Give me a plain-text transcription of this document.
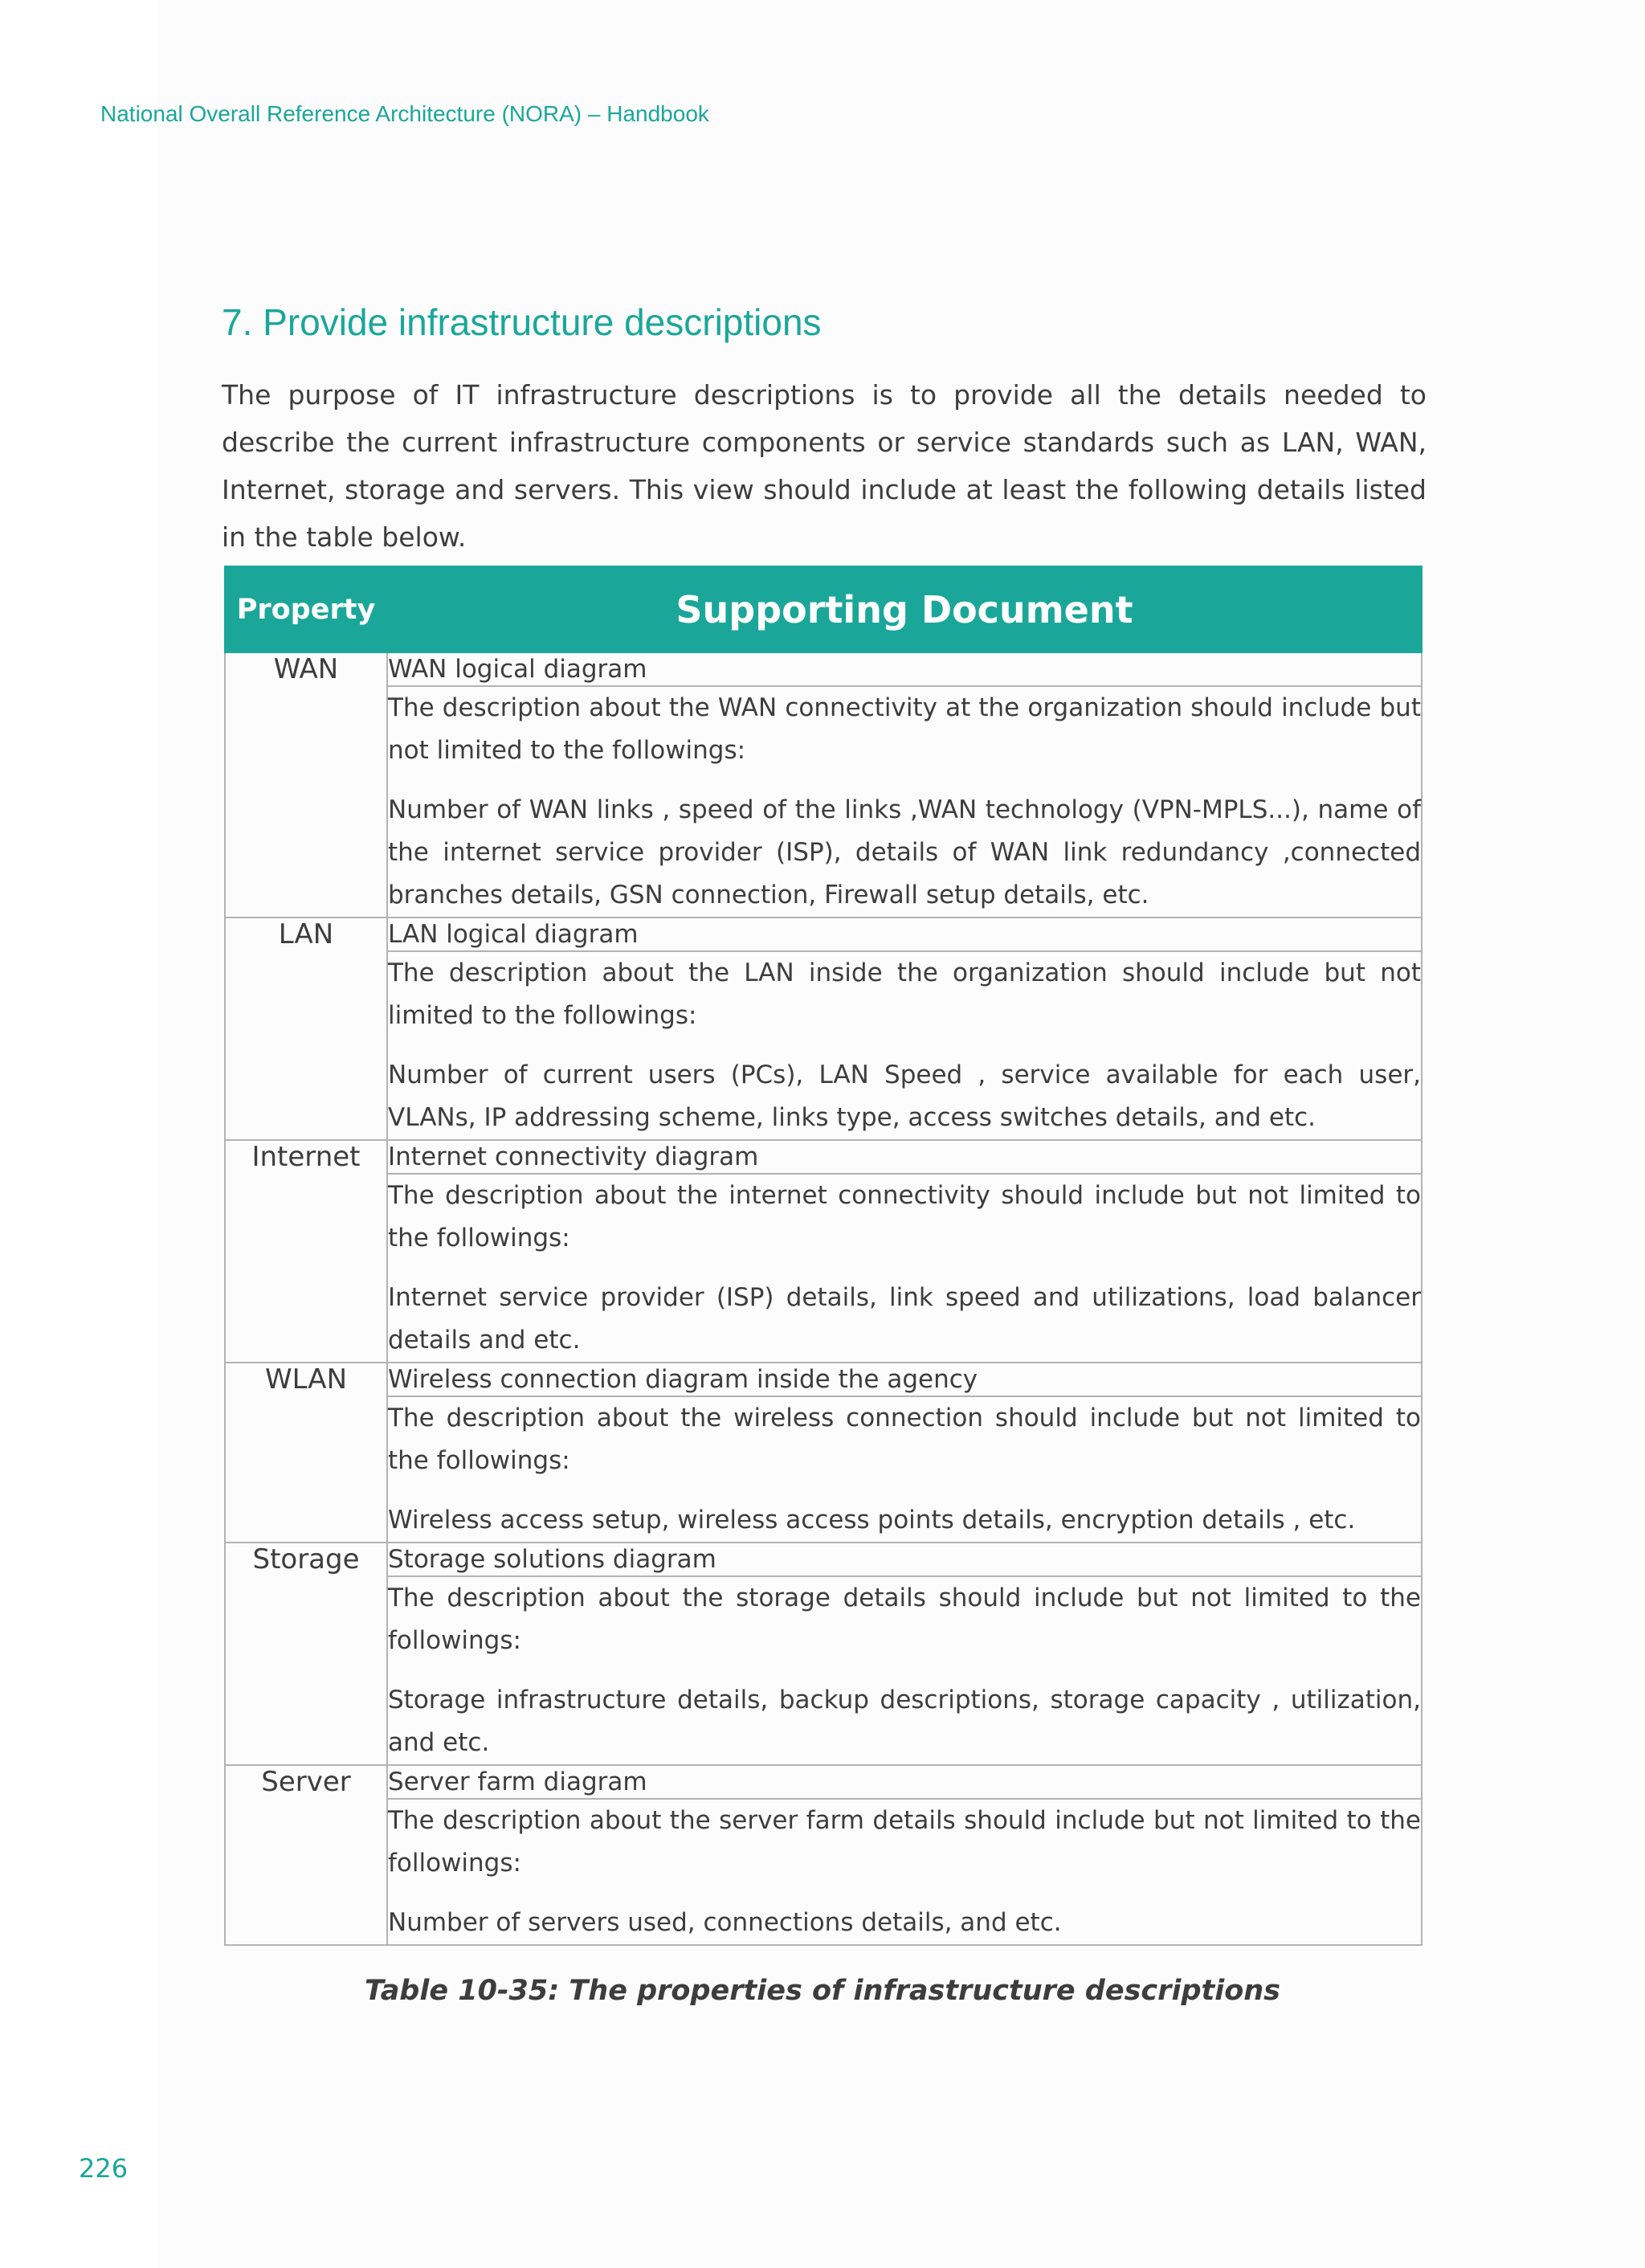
National Overall Reference Architecture (NORA) – Handbook
7. Provide infrastructure descriptions

The purpose of IT infrastructure descriptions is to provide all the details needed to describe the current infrastructure components or service standards such as LAN, WAN, Internet, storage and servers. This view should include at least the following details listed in the table below.

Property	Supporting Document
WAN	WAN logical diagram

	The description about the WAN connectivity at the organization should include but not limited to the followings:

Number of WAN links , speed of the links ,WAN technology (VPN-MPLS...), name of the internet service provider (ISP), details of WAN link redundancy ,connected branches details, GSN connection, Firewall setup details, etc.

LAN	LAN logical diagram

	The description about the LAN inside the organization should include but not limited to the followings:

Number of current users (PCs), LAN Speed , service available for each user, VLANs, IP addressing scheme, links type, access switches details, and etc.

Internet	Internet connectivity diagram

	The description about the internet connectivity should include but not limited to the followings:

Internet service provider (ISP) details, link speed and utilizations, load balancer details and etc.

WLAN	Wireless connection diagram inside the agency

	The description about the wireless connection should include but not limited to the followings:

Wireless access setup, wireless access points details, encryption details , etc.

Storage	Storage solutions diagram

	The description about the storage details should include but not limited to the followings:

Storage infrastructure details, backup descriptions, storage capacity , utilization, and etc.

Server	Server farm diagram

	The description about the server farm details should include but not limited to the followings:

Number of servers used, connections details, and etc.

Table 10-35: The properties of infrastructure descriptions
226
